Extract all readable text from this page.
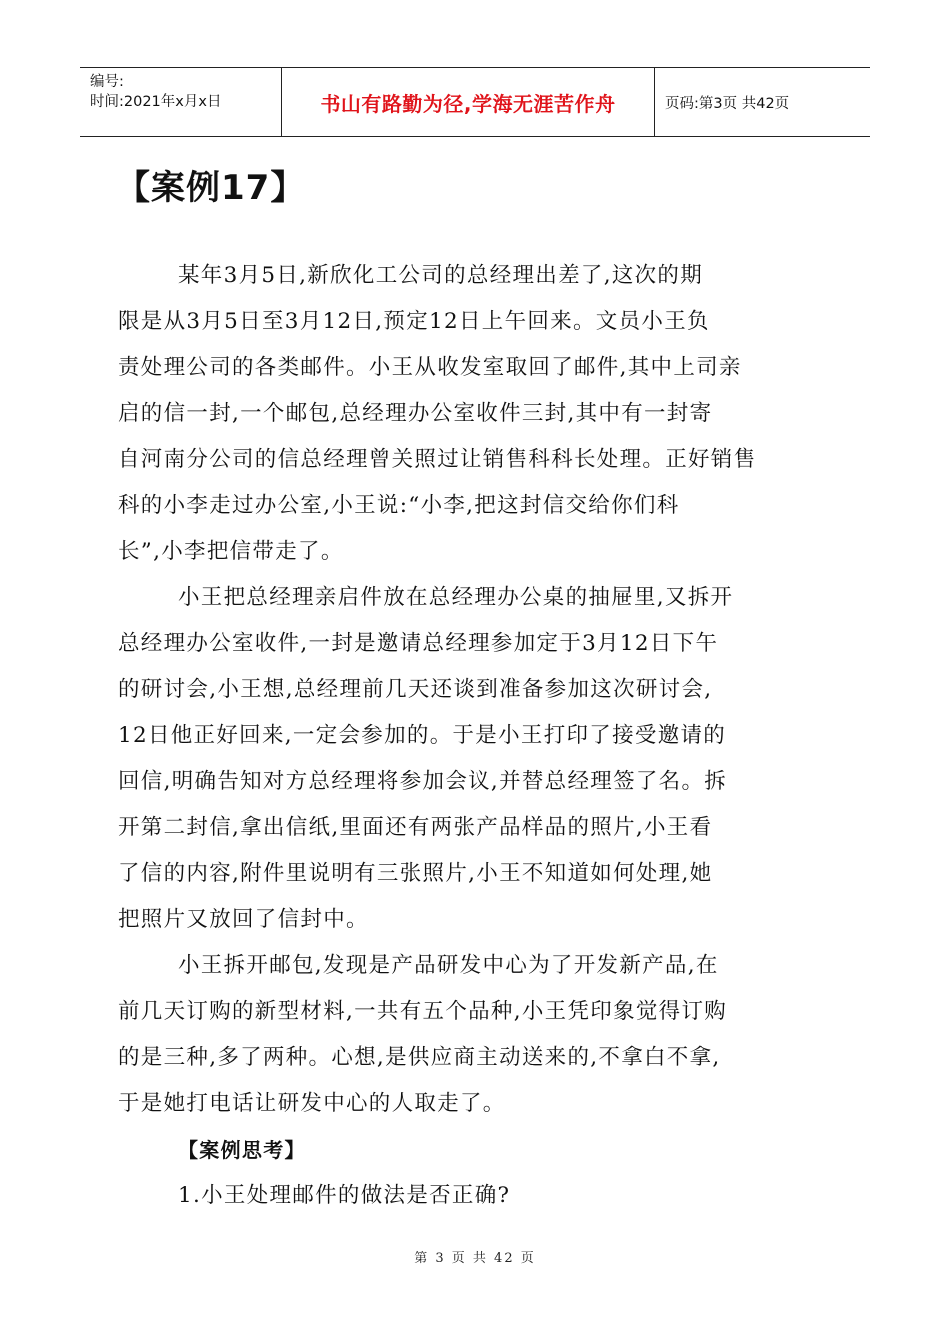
编号:
时间:2021年x月x日	书山有路勤为径,学海无涯苦作舟	页码:第3页 共42页
【案例17】
某年3月5日,新欣化工公司的总经理出差了,这次的期
限是从3月5日至3月12日,预定12日上午回来。文员小王负
责处理公司的各类邮件。小王从收发室取回了邮件,其中上司亲
启的信一封,一个邮包,总经理办公室收件三封,其中有一封寄
自河南分公司的信总经理曾关照过让销售科科长处理。正好销售
科的小李走过办公室,小王说:“小李,把这封信交给你们科
长”,小李把信带走了。
小王把总经理亲启件放在总经理办公桌的抽屉里,又拆开
总经理办公室收件,一封是邀请总经理参加定于3月12日下午
的研讨会,小王想,总经理前几天还谈到准备参加这次研讨会,
12日他正好回来,一定会参加的。于是小王打印了接受邀请的
回信,明确告知对方总经理将参加会议,并替总经理签了名。拆
开第二封信,拿出信纸,里面还有两张产品样品的照片,小王看
了信的内容,附件里说明有三张照片,小王不知道如何处理,她
把照片又放回了信封中。
小王拆开邮包,发现是产品研发中心为了开发新产品,在
前几天订购的新型材料,一共有五个品种,小王凭印象觉得订购
的是三种,多了两种。心想,是供应商主动送来的,不拿白不拿,
于是她打电话让研发中心的人取走了。
【案例思考】
1.小王处理邮件的做法是否正确?
第 3 页 共 42 页
